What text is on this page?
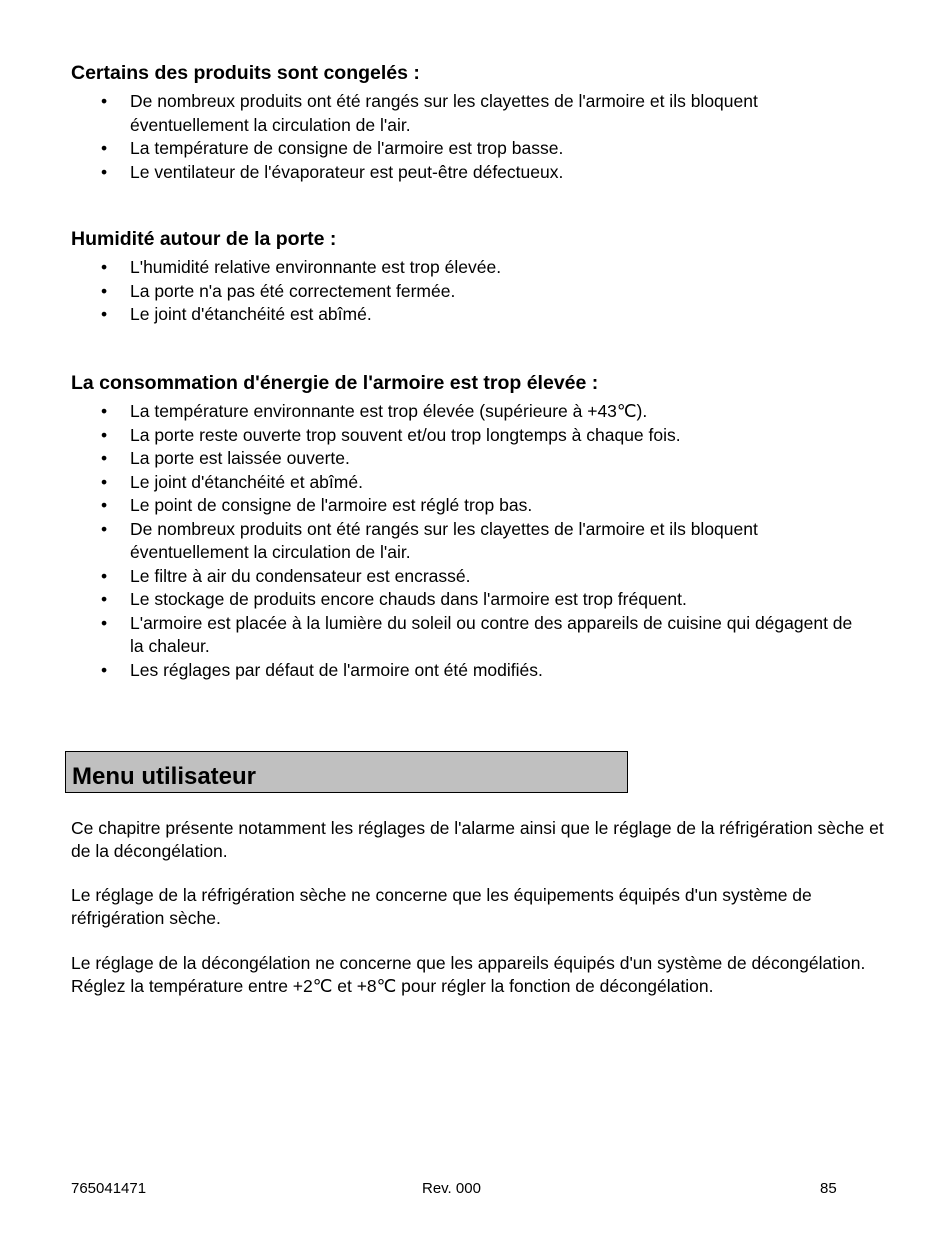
Certains des produits sont congelés :
• De nombreux produits ont été rangés sur les clayettes de l'armoire et ils bloquent éventuellement la circulation de l'air.
• La température de consigne de l'armoire est trop basse.
• Le ventilateur de l'évaporateur est peut-être défectueux.
Humidité autour de la porte :
• L'humidité relative environnante est trop élevée.
• La porte n'a pas été correctement fermée.
• Le joint d'étanchéité est abîmé.
La consommation d'énergie de l'armoire est trop élevée :
• La température environnante est trop élevée (supérieure à +43℃).
• La porte reste ouverte trop souvent et/ou trop longtemps à chaque fois.
• La porte est laissée ouverte.
• Le joint d'étanchéité et abîmé.
• Le point de consigne de l'armoire est réglé trop bas.
• De nombreux produits ont été rangés sur les clayettes de l'armoire et ils bloquent éventuellement la circulation de l'air.
• Le filtre à air du condensateur est encrassé.
• Le stockage de produits encore chauds dans l'armoire est trop fréquent.
• L'armoire est placée à la lumière du soleil ou contre des appareils de cuisine qui dégagent de la chaleur.
• Les réglages par défaut de l'armoire ont été modifiés.
Menu utilisateur

Ce chapitre présente notamment les réglages de l'alarme ainsi que le réglage de la réfrigération sèche et de la décongélation.

Le réglage de la réfrigération sèche ne concerne que les équipements équipés d'un système de réfrigération sèche.

Le réglage de la décongélation ne concerne que les appareils équipés d'un système de décongélation. Réglez la température entre +2℃ et +8℃ pour régler la fonction de décongélation.

765041471	Rev. 000	85
